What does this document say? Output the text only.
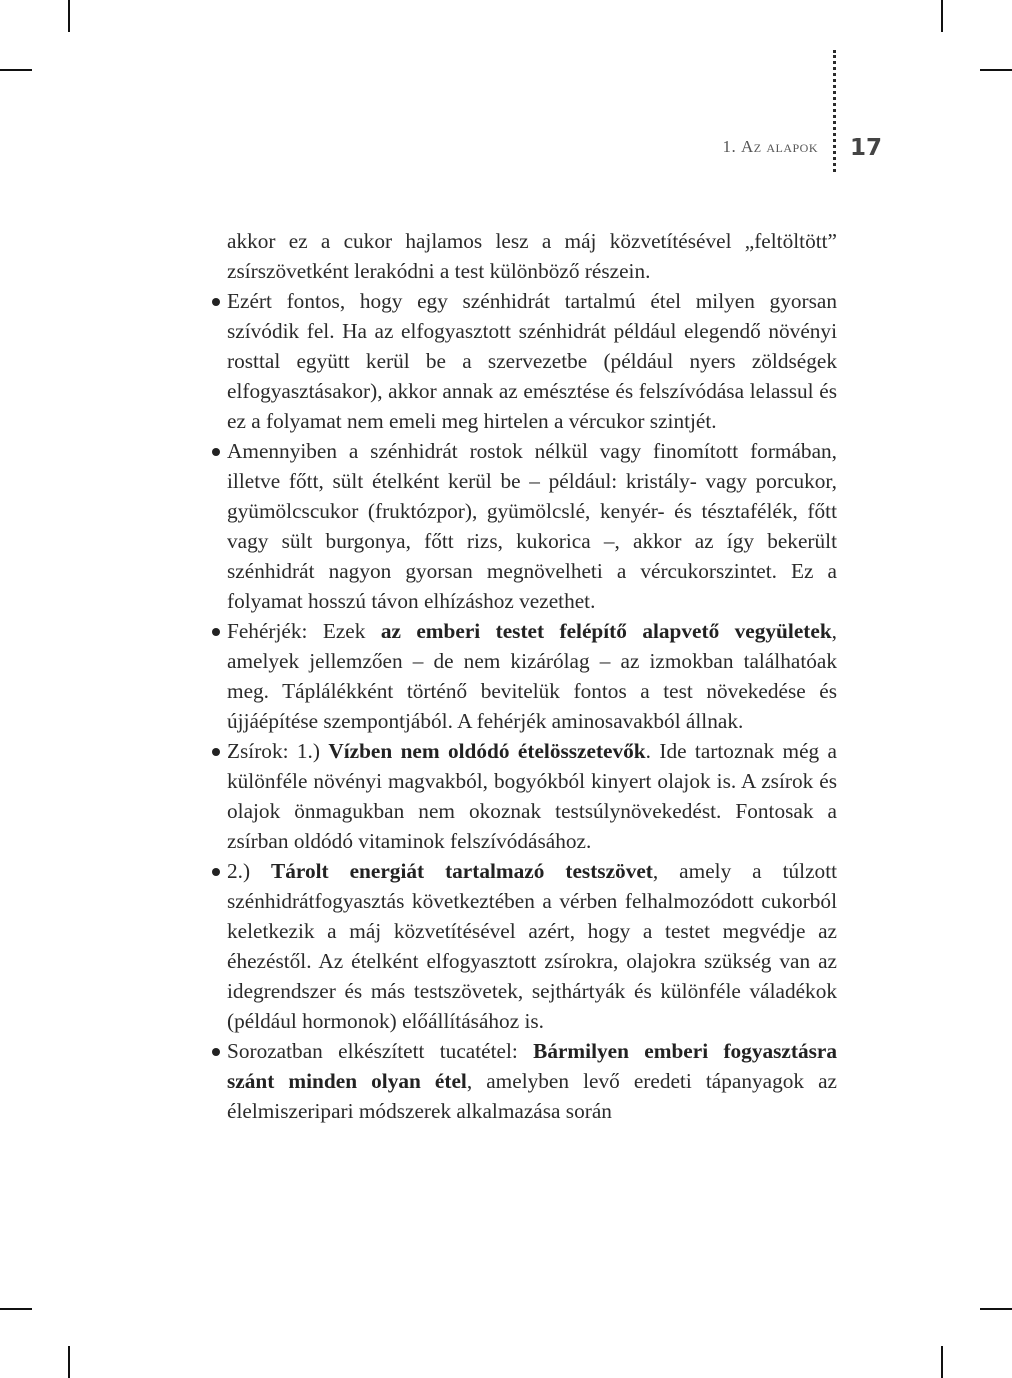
1. Az alapok 17

akkor ez a cukor hajlamos lesz a máj közvetítésével „feltöltött” zsírszövetként lerakódni a test különböző részein.

Ezért fontos, hogy egy szénhidrát tartalmú étel milyen gyorsan szívódik fel. Ha az elfogyasztott szénhidrát például elegendő növényi rosttal együtt kerül be a szervezetbe (például nyers zöldségek elfogyasztásakor), akkor annak az emésztése és felszívódása lelassul és ez a folyamat nem emeli meg hirtelen a vércukor szintjét.

Amennyiben a szénhidrát rostok nélkül vagy finomított formában, illetve főtt, sült ételként kerül be – például: kristály- vagy porcukor, gyümölcscukor (fruktózpor), gyümölcslé, kenyér- és tésztafélék, főtt vagy sült burgonya, főtt rizs, kukorica –, akkor az így bekerült szénhidrát nagyon gyorsan megnövelheti a vércukorszintet. Ez a folyamat hosszú távon elhízáshoz vezethet.

Fehérjék: Ezek az emberi testet felépítő alapvető vegyületek, amelyek jellemzően – de nem kizárólag – az izmokban találhatóak meg. Táplálékként történő bevitelük fontos a test növekedése és újjáépítése szempontjából. A fehérjék aminosavakból állnak.

Zsírok: 1.) Vízben nem oldódó ételösszetevők. Ide tartoznak még a különféle növényi magvakból, bogyókból kinyert olajok is. A zsírok és olajok önmagukban nem okoznak testsúlynövekedést. Fontosak a zsírban oldódó vitaminok felszívódásához.

2.) Tárolt energiát tartalmazó testszövet, amely a túlzott szénhidrátfogyasztás következtében a vérben felhalmozódott cukorból keletkezik a máj közvetítésével azért, hogy a testet megvédje az éhezéstől. Az ételként elfogyasztott zsírokra, olajokra szükség van az idegrendszer és más testszövetek, sejthártyák és különféle váladékok (például hormonok) előállításához is.

Sorozatban elkészített tucatétel: Bármilyen emberi fogyasztásra szánt minden olyan étel, amelyben levő eredeti tápanyagok az élelmiszeripari módszerek alkalmazása során
